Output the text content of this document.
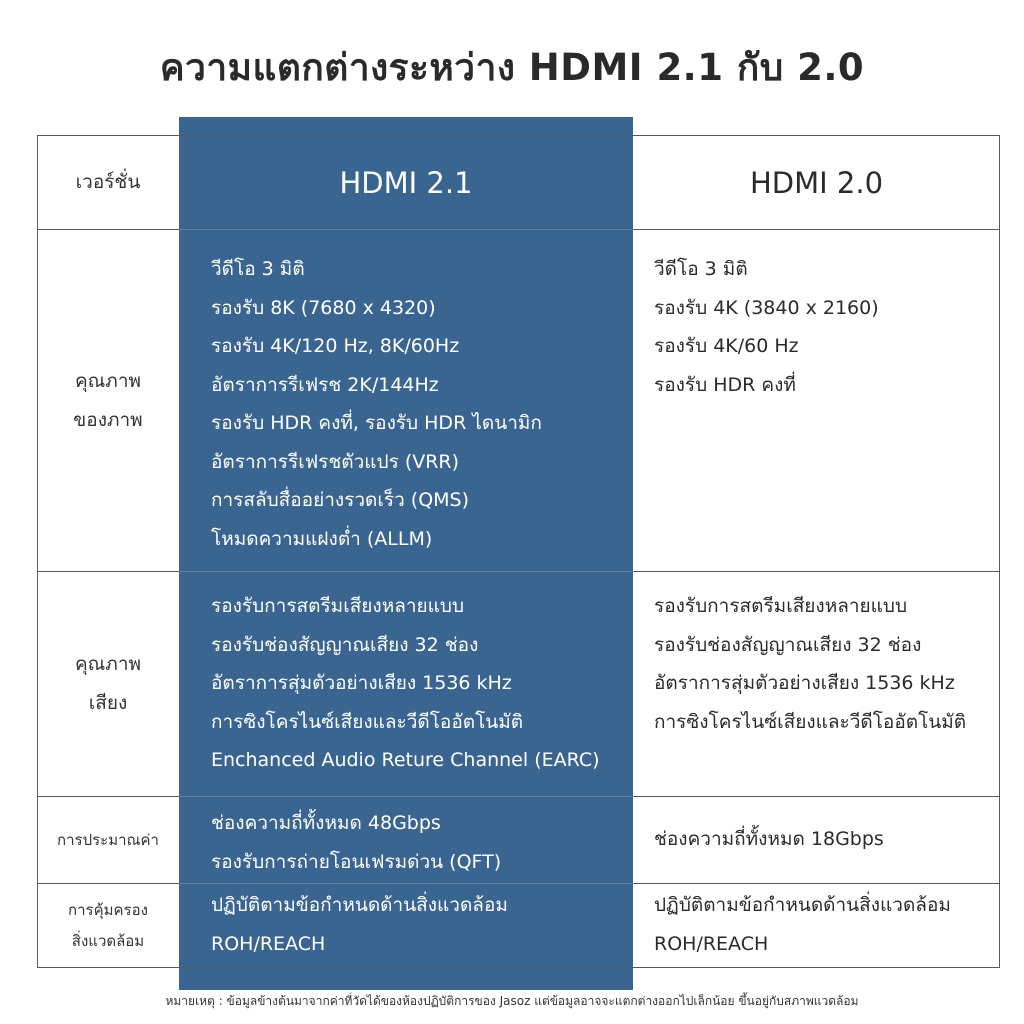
ความแตกต่างระหว่าง HDMI 2.1 กับ 2.0
เวอร์ชั่น	HDMI 2.1	HDMI 2.0
คุณภาพ
ของภาพ
วีดีโอ 3 มิติ
รองรับ 8K (7680 x 4320)
รองรับ 4K/120 Hz, 8K/60Hz
อัตราการรีเฟรช 2K/144Hz
รองรับ HDR คงที่, รองรับ HDR ไดนามิก
อัตราการรีเฟรชตัวแปร (VRR)
การสลับสื่ออย่างรวดเร็ว (QMS)
โหมดความแฝงต่ำ (ALLM)
วีดีโอ 3 มิติ
รองรับ 4K (3840 x 2160)
รองรับ 4K/60 Hz
รองรับ HDR คงที่
คุณภาพ
เสียง
รองรับการสตรีมเสียงหลายแบบ
รองรับช่องสัญญาณเสียง 32 ช่อง
อัตราการสุ่มตัวอย่างเสียง 1536 kHz
การซิงโครไนซ์เสียงและวีดีโออัตโนมัติ
Enchanced Audio Reture Channel (EARC)
รองรับการสตรีมเสียงหลายแบบ
รองรับช่องสัญญาณเสียง 32 ช่อง
อัตราการสุ่มตัวอย่างเสียง 1536 kHz
การซิงโครไนซ์เสียงและวีดีโออัตโนมัติ
การประมาณค่า
ช่องความถี่ทั้งหมด 48Gbps
รองรับการถ่ายโอนเฟรมด่วน (QFT)
ช่องความถี่ทั้งหมด 18Gbps
การคุ้มครอง
สิ่งแวดล้อม
ปฏิบัติตามข้อกำหนดด้านสิ่งแวดล้อม
ROH/REACH
ปฏิบัติตามข้อกำหนดด้านสิ่งแวดล้อม
ROH/REACH
หมายเหตุ : ข้อมูลข้างต้นมาจากค่าที่วัดได้ของห้องปฏิบัติการของ Jasoz แต่ข้อมูลอาจจะแตกต่างออกไปเล็กน้อย ขึ้นอยู่กับสภาพแวดล้อม
